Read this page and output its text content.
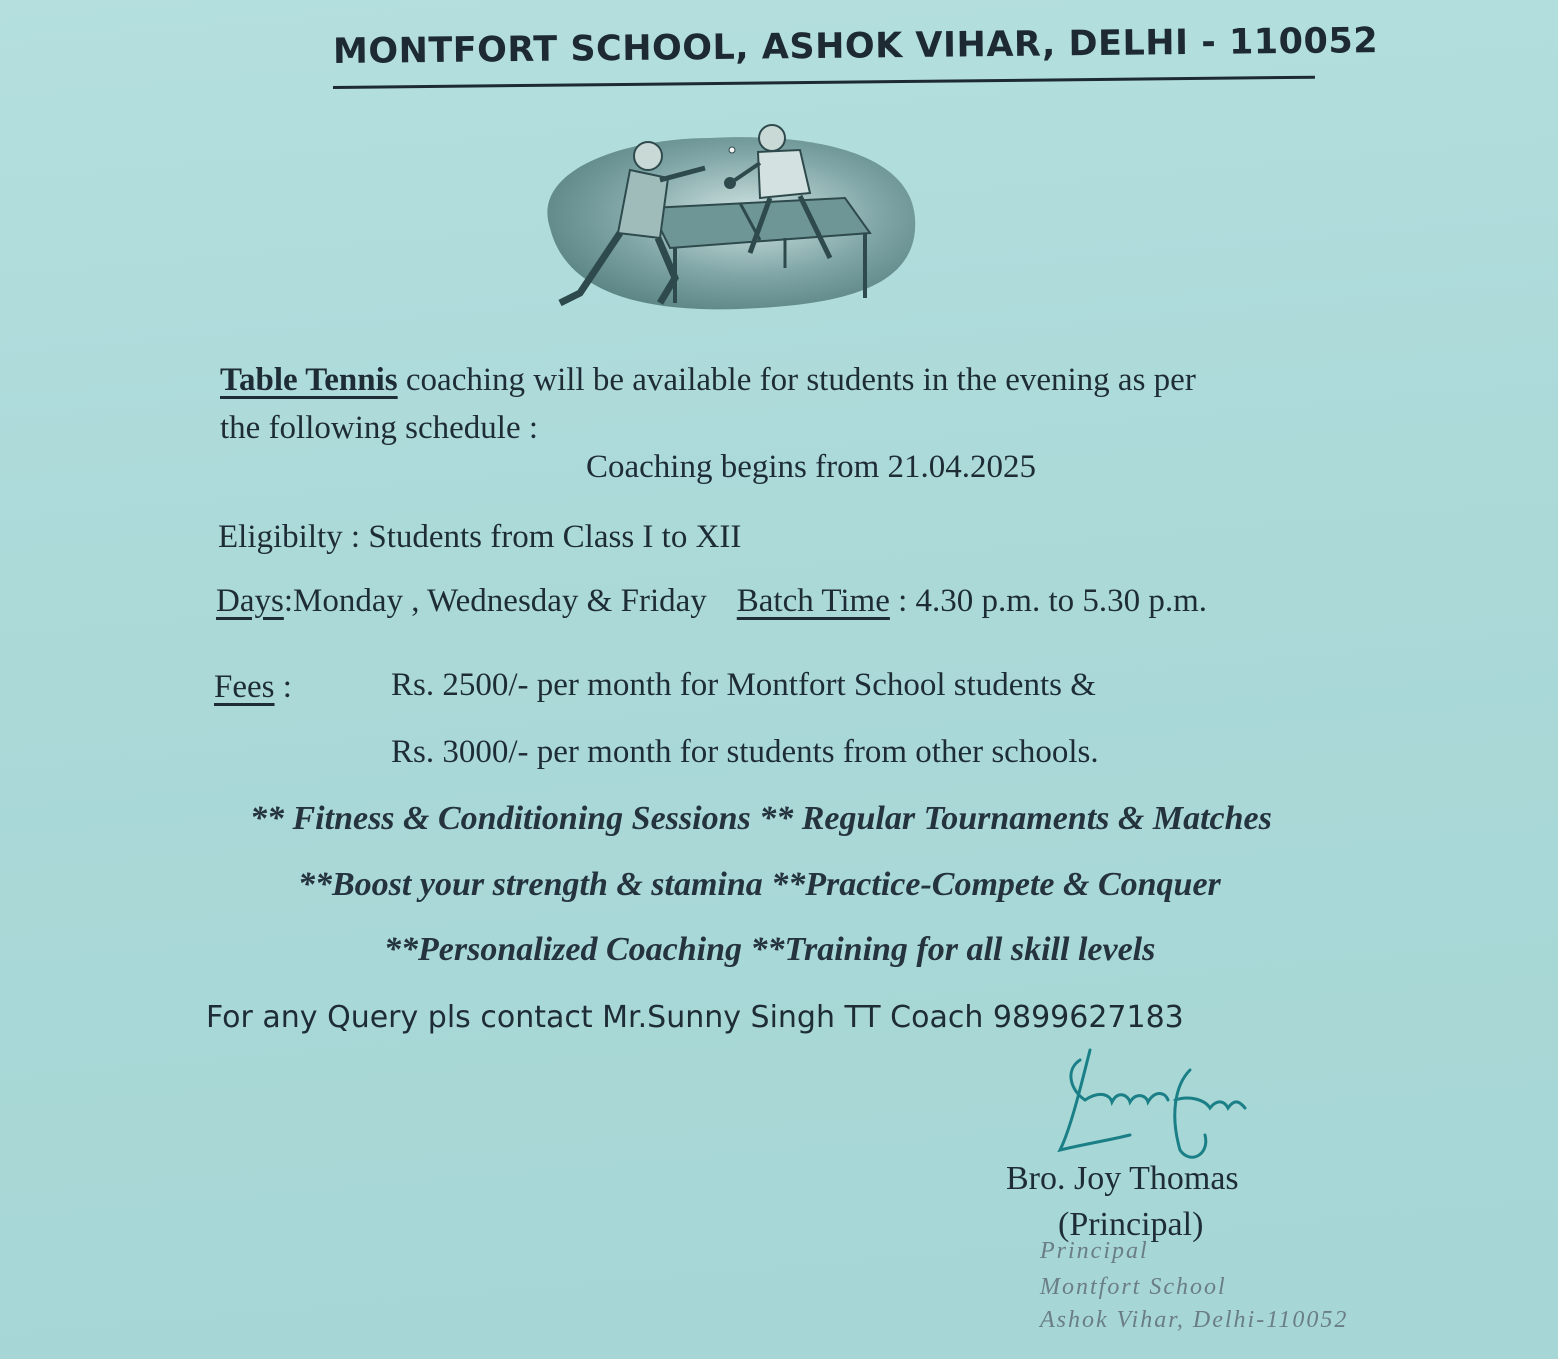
MONTFORT SCHOOL, ASHOK VIHAR, DELHI - 110052
Table Tennis coaching will be available for students in the evening as per
the following schedule :
Coaching begins from 21.04.2025
Eligibilty : Students from Class I to XII
Days:Monday , Wednesday & Friday Batch Time : 4.30 p.m. to 5.30 p.m.
Fees :	Rs. 2500/- per month for Montfort School students &
Rs. 3000/- per month for students from other schools.
** Fitness & Conditioning Sessions ** Regular Tournaments & Matches
**Boost your strength & stamina **Practice-Compete & Conquer
**Personalized Coaching **Training for all skill levels
For any Query pls contact Mr.Sunny Singh TT Coach 9899627183
Bro. Joy Thomas
(Principal)
Principal
Montfort School
Ashok Vihar, Delhi-110052
